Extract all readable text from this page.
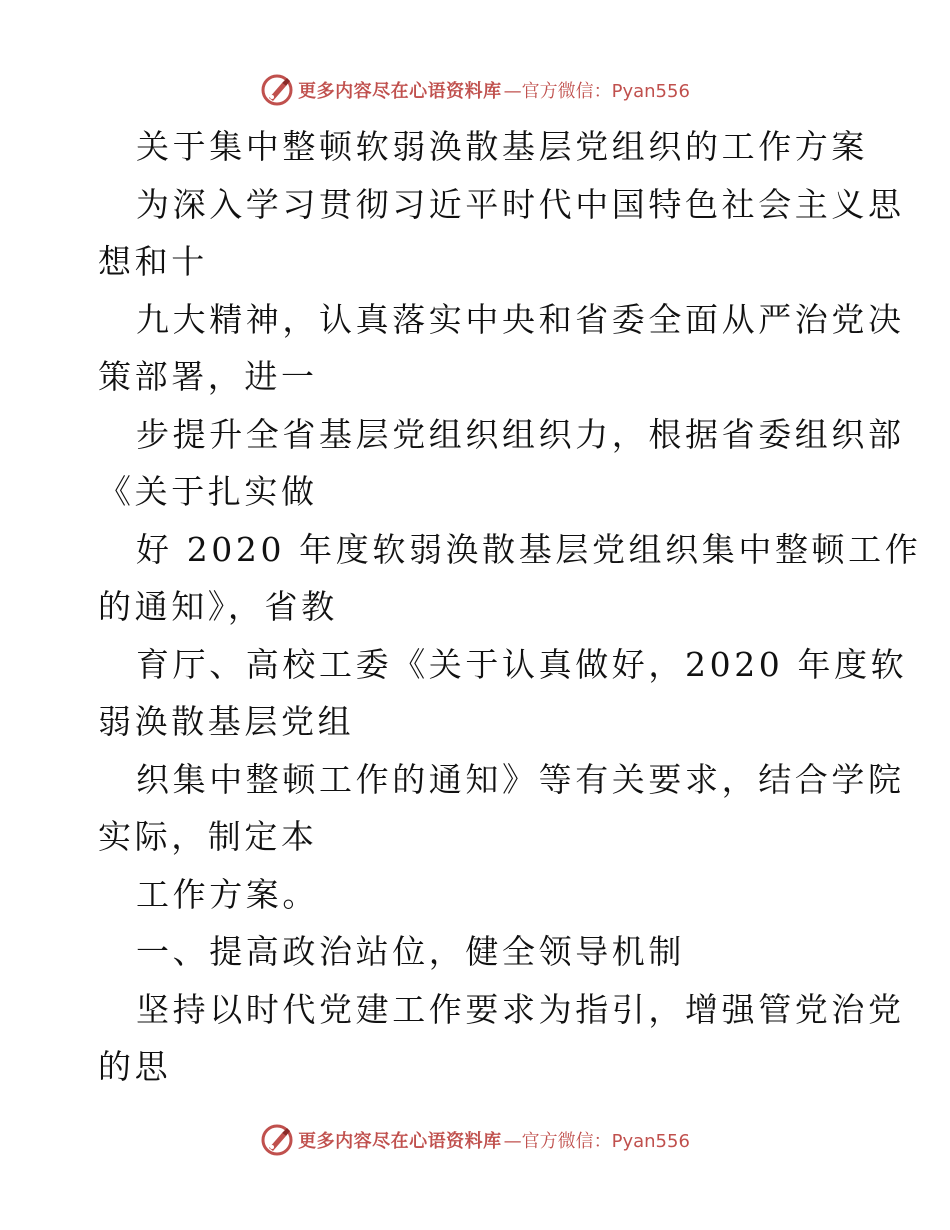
更多内容尽在心语资料库 —官方微信：Pyan556
关于集中整顿软弱涣散基层党组织的工作方案
为深入学习贯彻习近平时代中国特色社会主义思
想和十
九大精神，认真落实中央和省委全面从严治党决
策部署，进一
步提升全省基层党组织组织力，根据省委组织部
《关于扎实做
好 2020 年度软弱涣散基层党组织集中整顿工作
的通知》，省教
育厅、高校工委《关于认真做好，2020 年度软
弱涣散基层党组
织集中整顿工作的通知》等有关要求，结合学院
实际，制定本
工作方案。
一、提高政治站位，健全领导机制
坚持以时代党建工作要求为指引，增强管党治党
的思
更多内容尽在心语资料库 —官方微信：Pyan556
